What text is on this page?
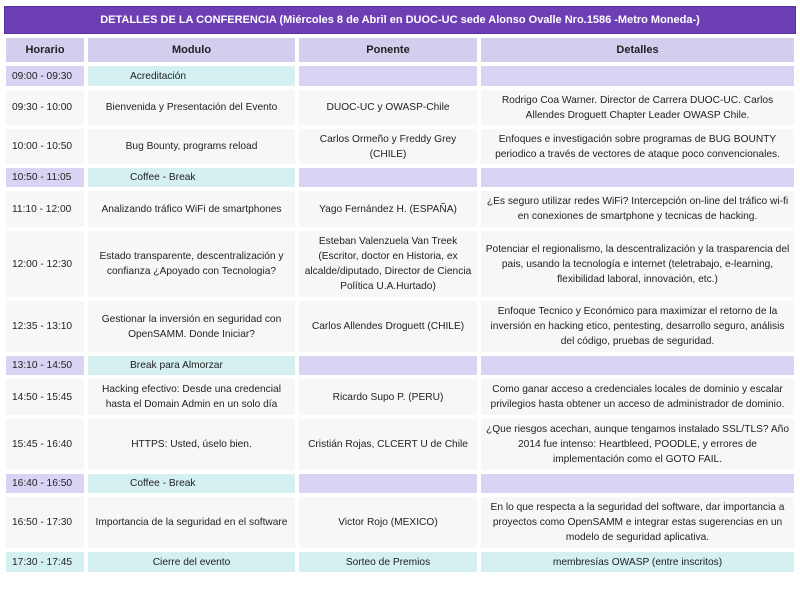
DETALLES DE LA CONFERENCIA (Miércoles 8 de Abril en DUOC-UC sede Alonso Ovalle Nro.1586 -Metro Moneda-)
Horario	Modulo	Ponente	Detalles
09:00 - 09:30	Acreditación		
09:30 - 10:00	Bienvenida y Presentación del Evento	DUOC-UC y OWASP-Chile	Rodrigo Coa Warner. Director de Carrera DUOC-UC. Carlos Allendes Droguett Chapter Leader OWASP Chile.
10:00 - 10:50	Bug Bounty, programs reload	Carlos Ormeño y Freddy Grey (CHILE)	Enfoques e investigación sobre programas de BUG BOUNTY periodico a través de vectores de ataque poco convencionales.
10:50 - 11:05	Coffee - Break		
11:10 - 12:00	Analizando tráfico WiFi de smartphones	Yago Fernández H. (ESPAÑA)	¿Es seguro utilizar redes WiFi? Intercepción on-line del tráfico wi-fi en conexiones de smartphone y tecnicas de hacking.
12:00 - 12:30	Estado transparente, descentralización y confianza ¿Apoyado con Tecnologia?	Esteban Valenzuela Van Treek (Escritor, doctor en Historia, ex alcalde/diputado, Director de Ciencia Política U.A.Hurtado)	Potenciar el regionalismo, la descentralización y la trasparencia del pais, usando la tecnología e internet (teletrabajo, e-learning, flexibilidad laboral, innovación, etc.)
12:35 - 13:10	Gestionar la inversión en seguridad con OpenSAMM. Donde Iniciar?	Carlos Allendes Droguett (CHILE)	Enfoque Tecnico y Económico para maximizar el retorno de la inversión en hacking etico, pentesting, desarrollo seguro, análisis del código, pruebas de seguridad.
13:10 - 14:50	Break para Almorzar		
14:50 - 15:45	Hacking efectivo: Desde una credencial hasta el Domain Admin en un solo día	Ricardo Supo P. (PERU)	Como ganar acceso a credenciales locales de dominio y escalar privilegios hasta obtener un acceso de administrador de dominio.
15:45 - 16:40	HTTPS: Usted, úselo bien.	Cristián Rojas, CLCERT U de Chile	¿Que riesgos acechan, aunque tengamos instalado SSL/TLS? Año 2014 fue intenso: Heartbleed, POODLE, y errores de implementación como el GOTO FAIL.
16:40 - 16:50	Coffee - Break		
16:50 - 17:30	Importancia de la seguridad en el software	Victor Rojo (MEXICO)	En lo que respecta a la seguridad del software, dar importancia a proyectos como OpenSAMM e integrar estas sugerencias en un modelo de seguridad aplicativa.
17:30 - 17:45	Cierre del evento	Sorteo de Premios	membresías OWASP (entre inscritos)
